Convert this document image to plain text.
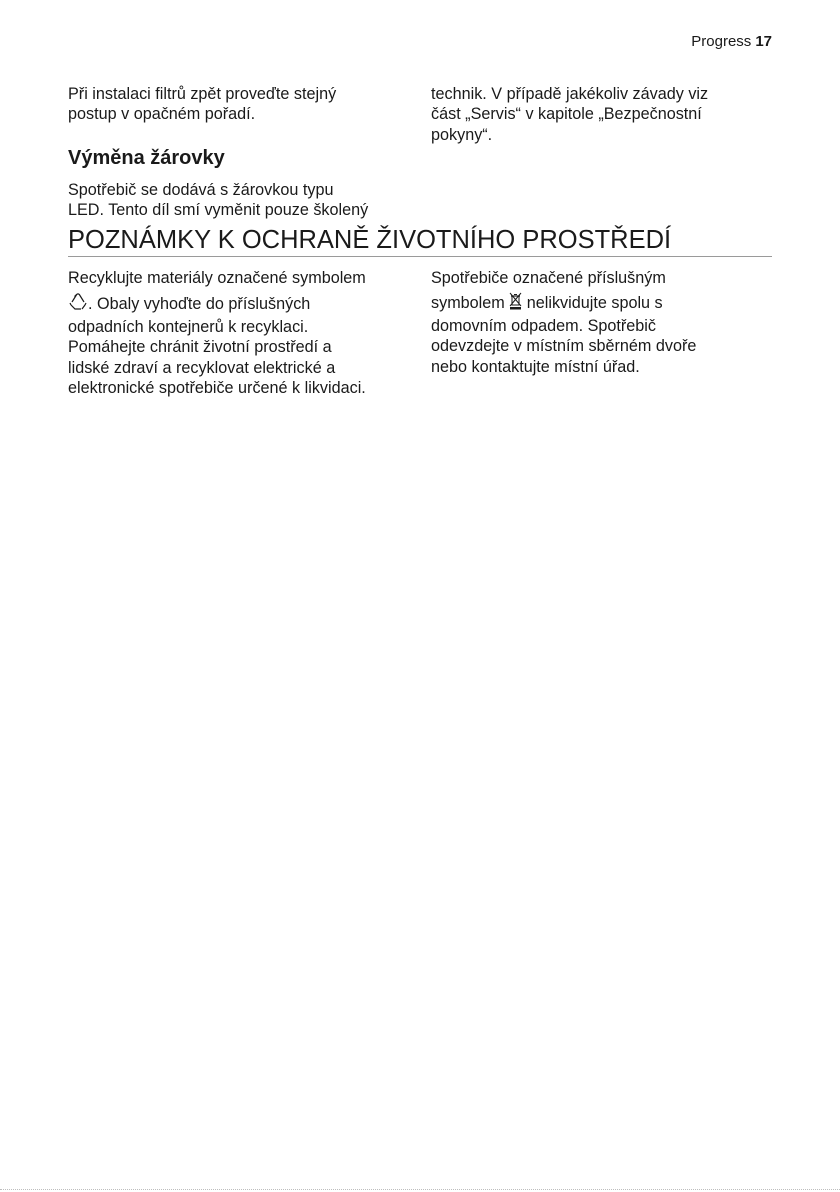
Progress 17

Při instalaci filtrů zpět proveďte stejný
postup v opačném pořadí.

Výměna žárovky

Spotřebič se dodává s žárovkou typu
LED. Tento díl smí vyměnit pouze školený

technik. V případě jakékoliv závady viz
část „Servis“ v kapitole „Bezpečnostní
pokyny“.

POZNÁMKY K OCHRANĚ ŽIVOTNÍHO PROSTŘEDÍ

Recyklujte materiály označené symbolem
. Obaly vyhoďte do příslušných
odpadních kontejnerů k recyklaci.
Pomáhejte chránit životní prostředí a
lidské zdraví a recyklovat elektrické a
elektronické spotřebiče určené k likvidaci.

Spotřebiče označené příslušným
symbolem  nelikvidujte spolu s
domovním odpadem. Spotřebič
odevzdejte v místním sběrném dvoře
nebo kontaktujte místní úřad.
